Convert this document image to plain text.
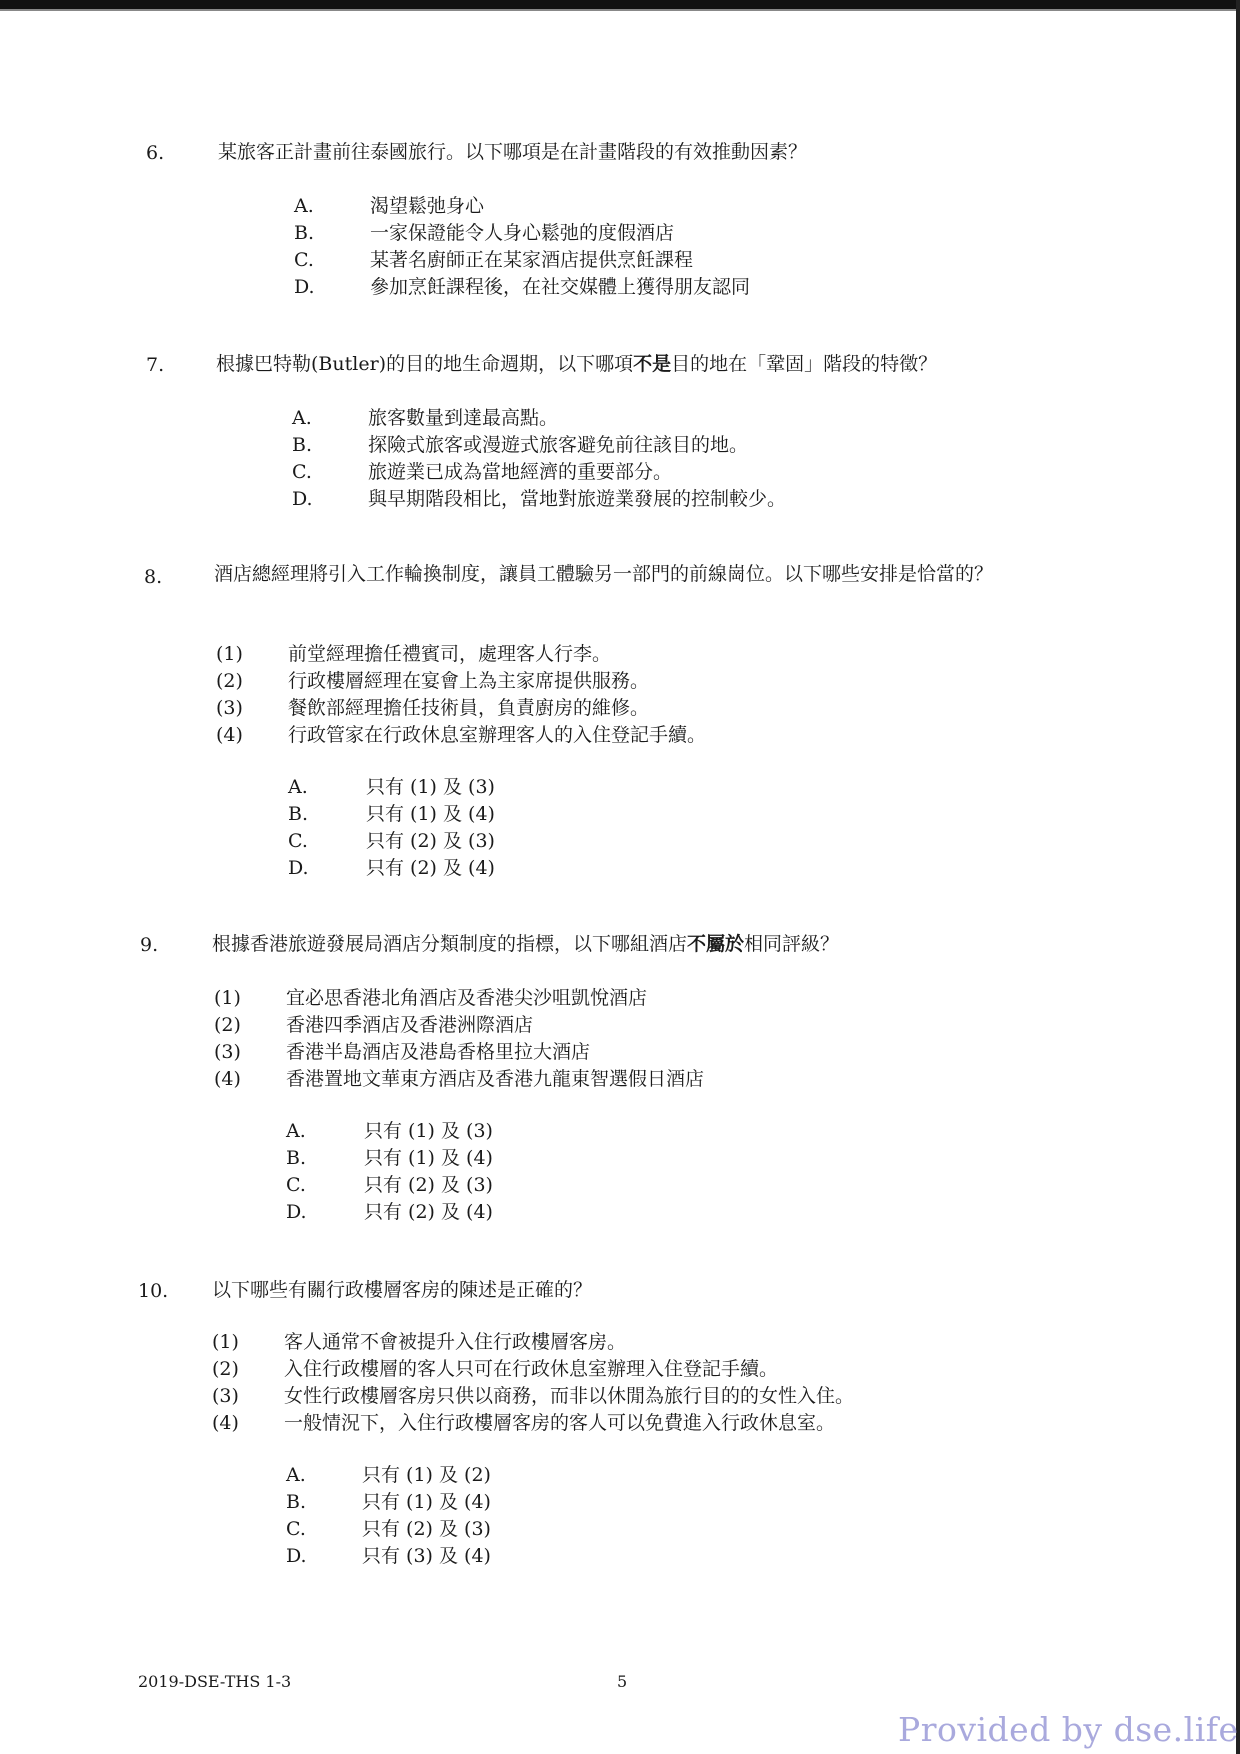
6.	某旅客正計畫前往泰國旅行。以下哪項是在計畫階段的有效推動因素？
A.	渴望鬆弛身心
B.	一家保證能令人身心鬆弛的度假酒店
C.	某著名廚師正在某家酒店提供烹飪課程
D.	參加烹飪課程後，在社交媒體上獲得朋友認同
7.	根據巴特勒(Butler)的目的地生命週期，以下哪項不是目的地在「鞏固」階段的特徵？
A.	旅客數量到達最高點。
B.	探險式旅客或漫遊式旅客避免前往該目的地。
C.	旅遊業已成為當地經濟的重要部分。
D.	與早期階段相比，當地對旅遊業發展的控制較少。
8.	酒店總經理將引入工作輪換制度，讓員工體驗另一部門的前線崗位。以下哪些安排是恰當的？
(1) 前堂經理擔任禮賓司，處理客人行李。
(2) 行政樓層經理在宴會上為主家席提供服務。
(3) 餐飲部經理擔任技術員，負責廚房的維修。
(4) 行政管家在行政休息室辦理客人的入住登記手續。
A.	只有 (1) 及 (3)
B.	只有 (1) 及 (4)
C.	只有 (2) 及 (3)
D.	只有 (2) 及 (4)
9.	根據香港旅遊發展局酒店分類制度的指標，以下哪組酒店不屬於相同評級？
(1) 宜必思香港北角酒店及香港尖沙咀凱悅酒店
(2) 香港四季酒店及香港洲際酒店
(3) 香港半島酒店及港島香格里拉大酒店
(4) 香港置地文華東方酒店及香港九龍東智選假日酒店
A.	只有 (1) 及 (3)
B.	只有 (1) 及 (4)
C.	只有 (2) 及 (3)
D.	只有 (2) 及 (4)
10. 以下哪些有關行政樓層客房的陳述是正確的？
(1) 客人通常不會被提升入住行政樓層客房。
(2) 入住行政樓層的客人只可在行政休息室辦理入住登記手續。
(3) 女性行政樓層客房只供以商務，而非以休閒為旅行目的的女性入住。
(4) 一般情況下，入住行政樓層客房的客人可以免費進入行政休息室。
A.	只有 (1) 及 (2)
B.	只有 (1) 及 (4)
C.	只有 (2) 及 (3)
D.	只有 (3) 及 (4)
2019-DSE-THS 1-3	5
Provided by dse.life
